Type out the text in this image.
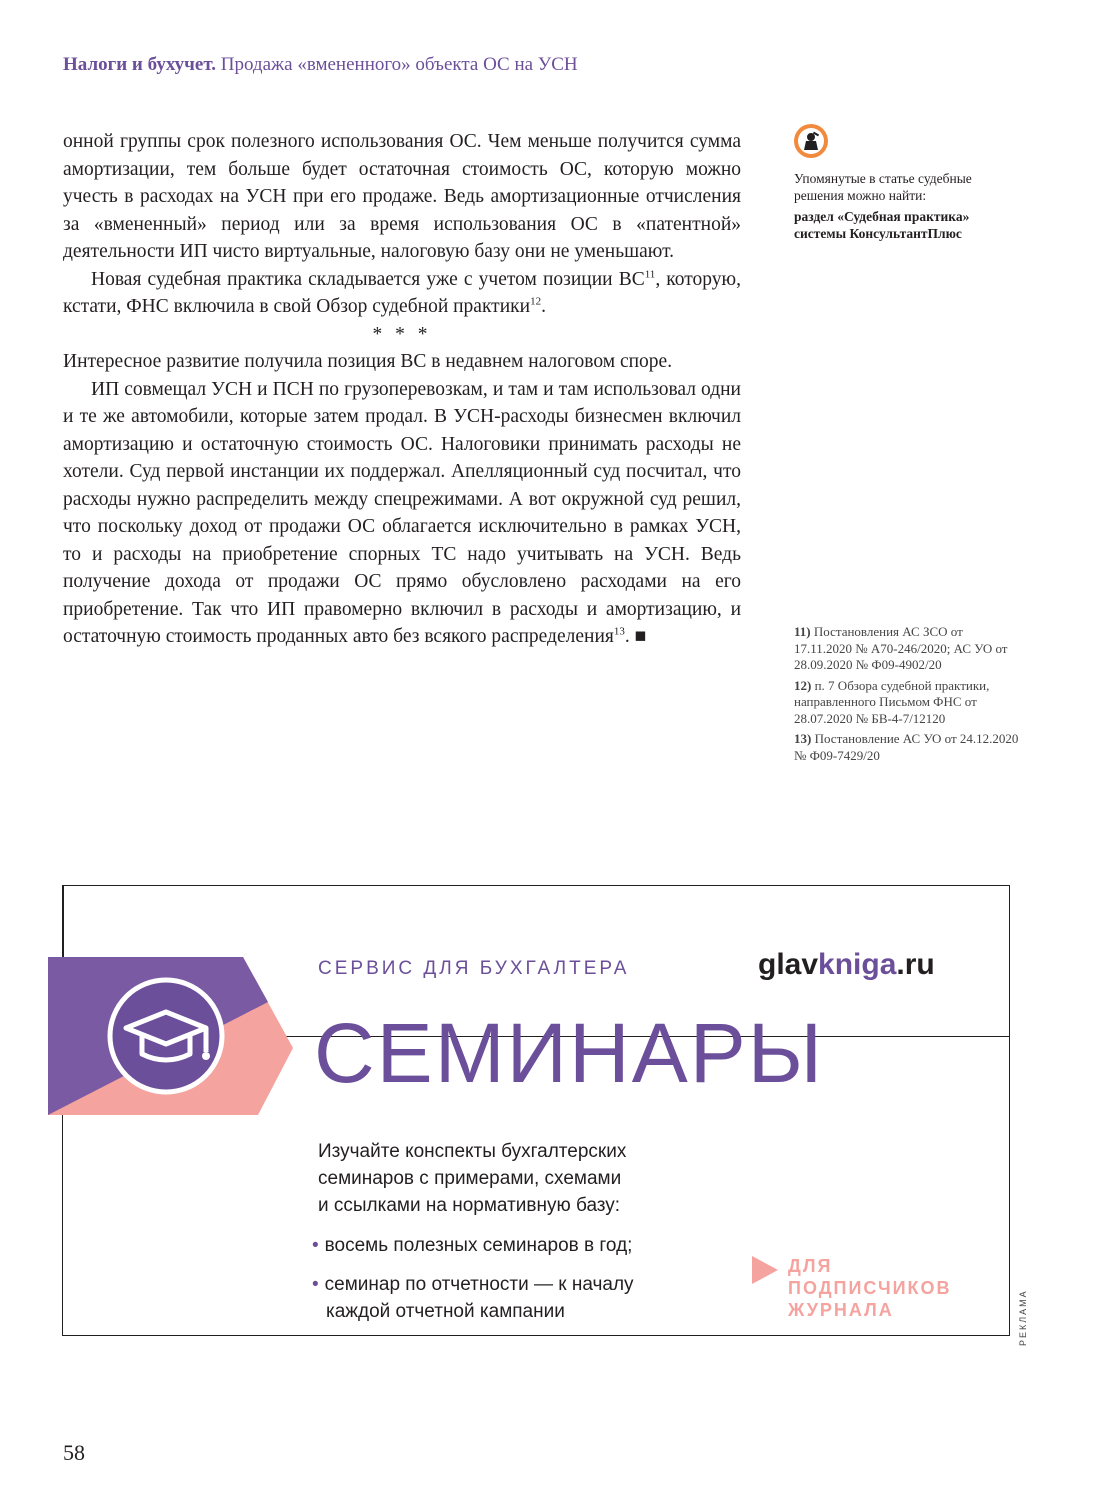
Налоги и бухучет. Продажа «вмененного» объекта ОС на УСН

онной группы срок полезного использования ОС. Чем меньше получится сумма амортизации, тем больше будет остаточная стоимость ОС, которую можно учесть в расходах на УСН при его продаже. Ведь амортизационные отчисления за «вмененный» период или за время использования ОС в «патентной» деятельности ИП чисто виртуальные, налоговую базу они не уменьшают.

Новая судебная практика складывается уже с учетом позиции ВС$^{11}$, которую, кстати, ФНС включила в свой Обзор судебной практики$^{12}$.

* * *

Интересное развитие получила позиция ВС в недавнем налоговом споре.

ИП совмещал УСН и ПСН по грузоперевозкам, и там и там использовал одни и те же автомобили, которые затем продал. В УСН-расходы бизнесмен включил амортизацию и остаточную стоимость ОС. Налоговики принимать расходы не хотели. Суд первой инстанции их поддержал. Апелляционный суд посчитал, что расходы нужно распределить между спецрежимами. А вот окружной суд решил, что поскольку доход от продажи ОС облагается исключительно в рамках УСН, то и расходы на приобретение спорных ТС надо учитывать на УСН. Ведь получение дохода от продажи ОС прямо обусловлено расходами на его приобретение. Так что ИП правомерно включил в расходы и амортизацию, и остаточную стоимость проданных авто без всякого распределения$^{13}$. ■

Упомянутые в статье судебные решения можно найти:
раздел «Судебная практика» системы КонсультантПлюс
11) Постановления АС ЗСО от 17.11.2020 № А70-246/2020; АС УО от 28.09.2020 № Ф09-4902/20
12) п. 7 Обзора судебной практики, направленного Письмом ФНС от 28.07.2020 № БВ-4-7/12120
13) Постановление АС УО от 24.12.2020 № Ф09-7429/20
СЕРВИС ДЛЯ БУХГАЛТЕРА	glavkniga.ru
СЕМИНАРЫ
Изучайте конспекты бухгалтерских
семинаров с примерами, схемами
и ссылками на нормативную базу:
• восемь полезных семинаров в год;
• семинар по отчетности — к началу
каждой отчетной кампании
ДЛЯ
ПОДПИСЧИКОВ
ЖУРНАЛА	РЕКЛАМА
58
